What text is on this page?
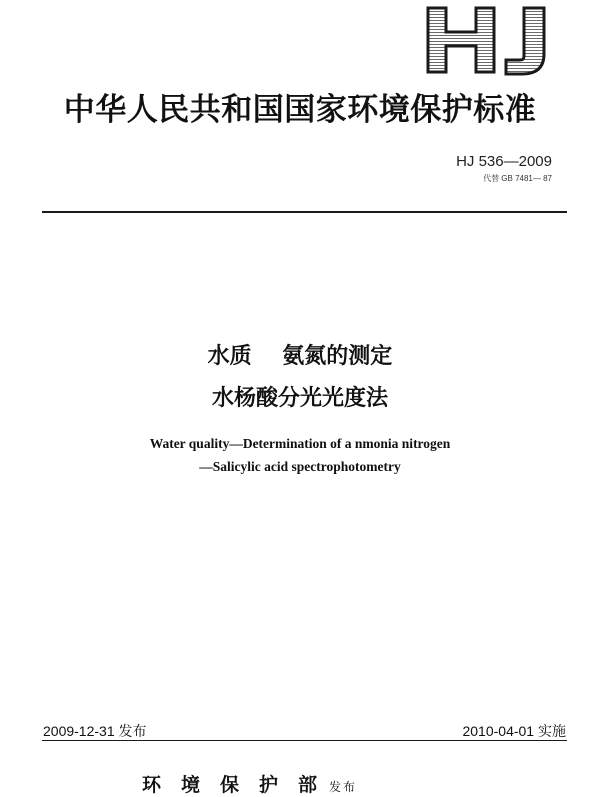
中华人民共和国国家环境保护标准
HJ 536—2009
代替 GB 7481— 87
水质    氨氮的测定
水杨酸分光光度法
Water quality—Determination of a nmonia nitrogen
—Salicylic acid spectrophotometry
2009-12-31 发布	2010-04-01 实施
环境保护部发布
